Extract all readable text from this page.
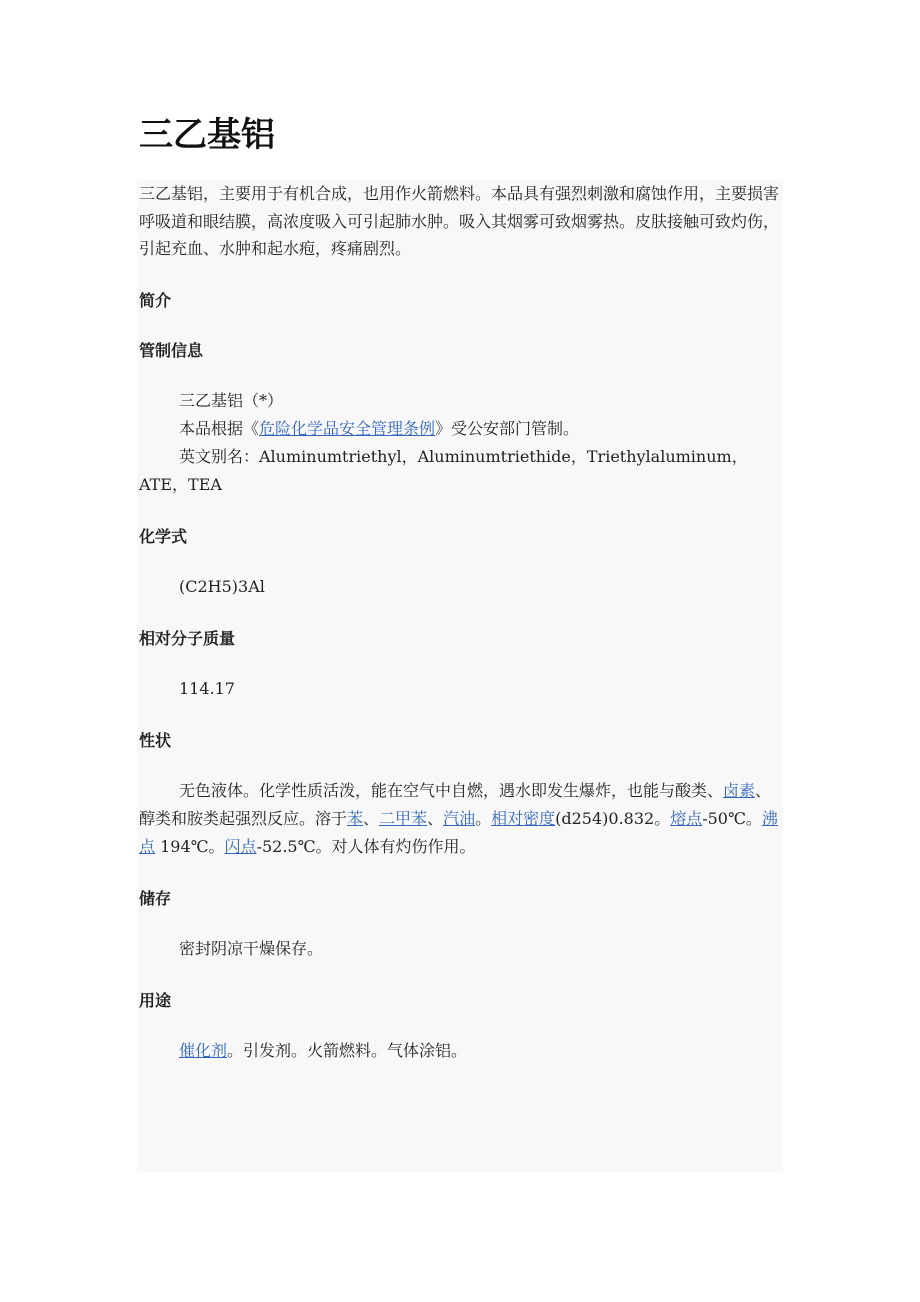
三乙基铝

三乙基铝，主要用于有机合成，也用作火箭燃料。本品具有强烈刺激和腐蚀作用，主要损害呼吸道和眼结膜，高浓度吸入可引起肺水肿。吸入其烟雾可致烟雾热。皮肤接触可致灼伤，引起充血、水肿和起水疱，疼痛剧烈。

简介

管制信息

三乙基铝（*）

本品根据《危险化学品安全管理条例》受公安部门管制。

英文别名：Aluminumtriethyl，Aluminumtriethide，Triethylaluminum，ATE，TEA

化学式

(C2H5)3Al

相对分子质量

114.17

性状

无色液体。化学性质活泼，能在空气中自燃，遇水即发生爆炸，也能与酸类、卤素、醇类和胺类起强烈反应。溶于苯、二甲苯、汽油。相对密度(d254)0.832。熔点-50℃。沸点 194℃。闪点-52.5℃。对人体有灼伤作用。

储存

密封阴凉干燥保存。

用途

催化剂。引发剂。火箭燃料。气体涂铝。
